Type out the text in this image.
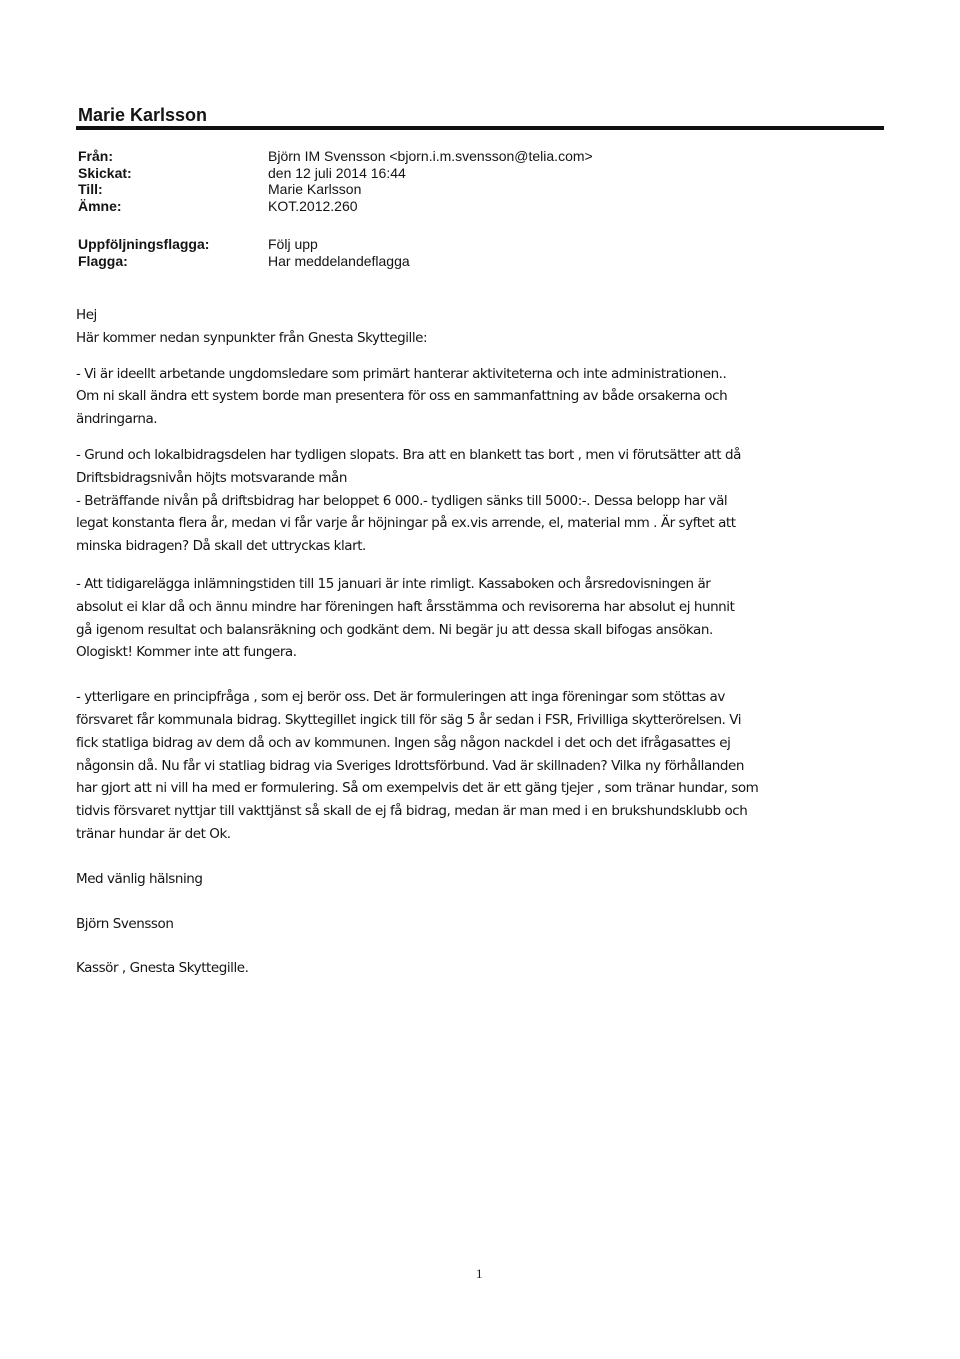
Marie Karlsson
Från:	Björn IM Svensson <bjorn.i.m.svensson@telia.com>
Skickat:	den 12 juli 2014 16:44
Till:	Marie Karlsson
Ämne:	KOT.2012.260
Uppföljningsflagga:	Följ upp
Flagga:	Har meddelandeflagga

Hej

Här kommer nedan synpunkter från Gnesta Skyttegille:

- Vi är ideellt arbetande ungdomsledare som primärt hanterar aktiviteterna och inte administrationen..

Om ni skall ändra ett system borde man presentera för oss en sammanfattning av både orsakerna och

ändringarna.

- Grund och lokalbidragsdelen har tydligen slopats. Bra att en blankett tas bort , men vi förutsätter att då

Driftsbidragsnivån höjts motsvarande mån

- Beträffande nivån på driftsbidrag har beloppet 6 000.- tydligen sänks till 5000:-. Dessa belopp har väl

legat konstanta flera år, medan vi får varje år höjningar på ex.vis arrende, el, material mm . Är syftet att

minska bidragen? Då skall det uttryckas klart.

- Att tidigarelägga inlämningstiden till 15 januari är inte rimligt. Kassaboken och årsredovisningen är

absolut ei klar då och ännu mindre har föreningen haft årsstämma och revisorerna har absolut ej hunnit

gå igenom resultat och balansräkning och godkänt dem. Ni begär ju att dessa skall bifogas ansökan.

Ologiskt! Kommer inte att fungera.

- ytterligare en principfråga , som ej berör oss. Det är formuleringen att inga föreningar som stöttas av

försvaret får kommunala bidrag. Skyttegillet ingick till för säg 5 år sedan i FSR, Frivilliga skytterörelsen. Vi

fick statliga bidrag av dem då och av kommunen. Ingen såg någon nackdel i det och det ifrågasattes ej

någonsin då. Nu får vi statliag bidrag via Sveriges Idrottsförbund. Vad är skillnaden? Vilka ny förhållanden

har gjort att ni vill ha med er formulering. Så om exempelvis det är ett gäng tjejer , som tränar hundar, som

tidvis försvaret nyttjar till vakttjänst så skall de ej få bidrag, medan är man med i en brukshundsklubb och

tränar hundar är det Ok.

Med vänlig hälsning

Björn Svensson

Kassör , Gnesta Skyttegille.

1
